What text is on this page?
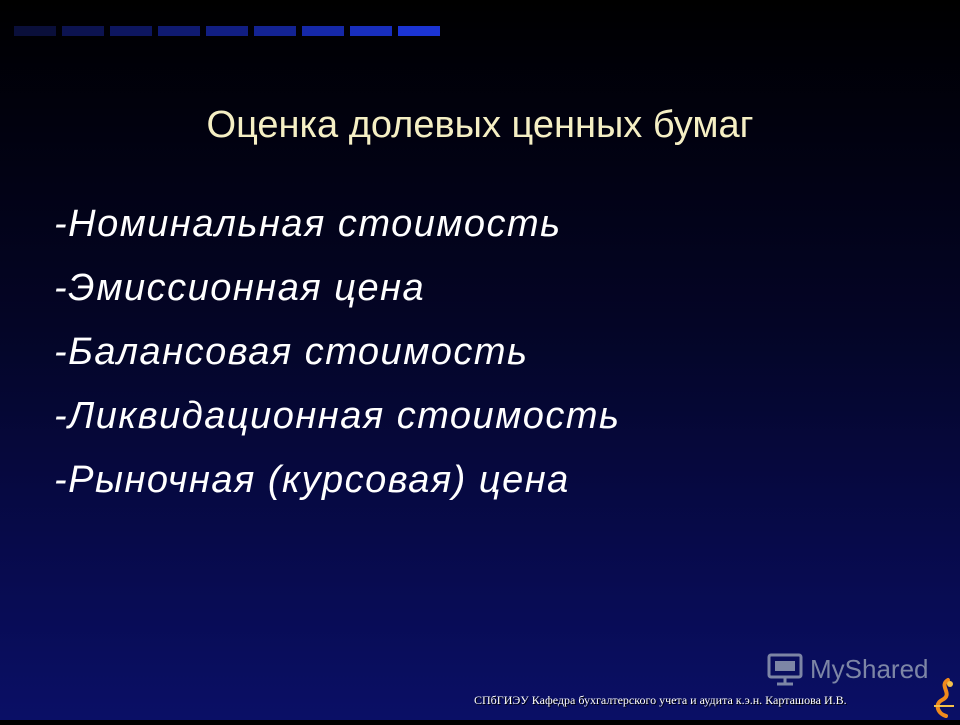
Оценка долевых ценных бумаг
-Номинальная стоимость
-Эмиссионная цена
-Балансовая стоимость
-Ликвидационная стоимость
-Рыночная (курсовая) цена
MyShared
СПбГИЭУ Кафедра бухгалтерского учета и аудита к.э.н. Карташова И.В.
